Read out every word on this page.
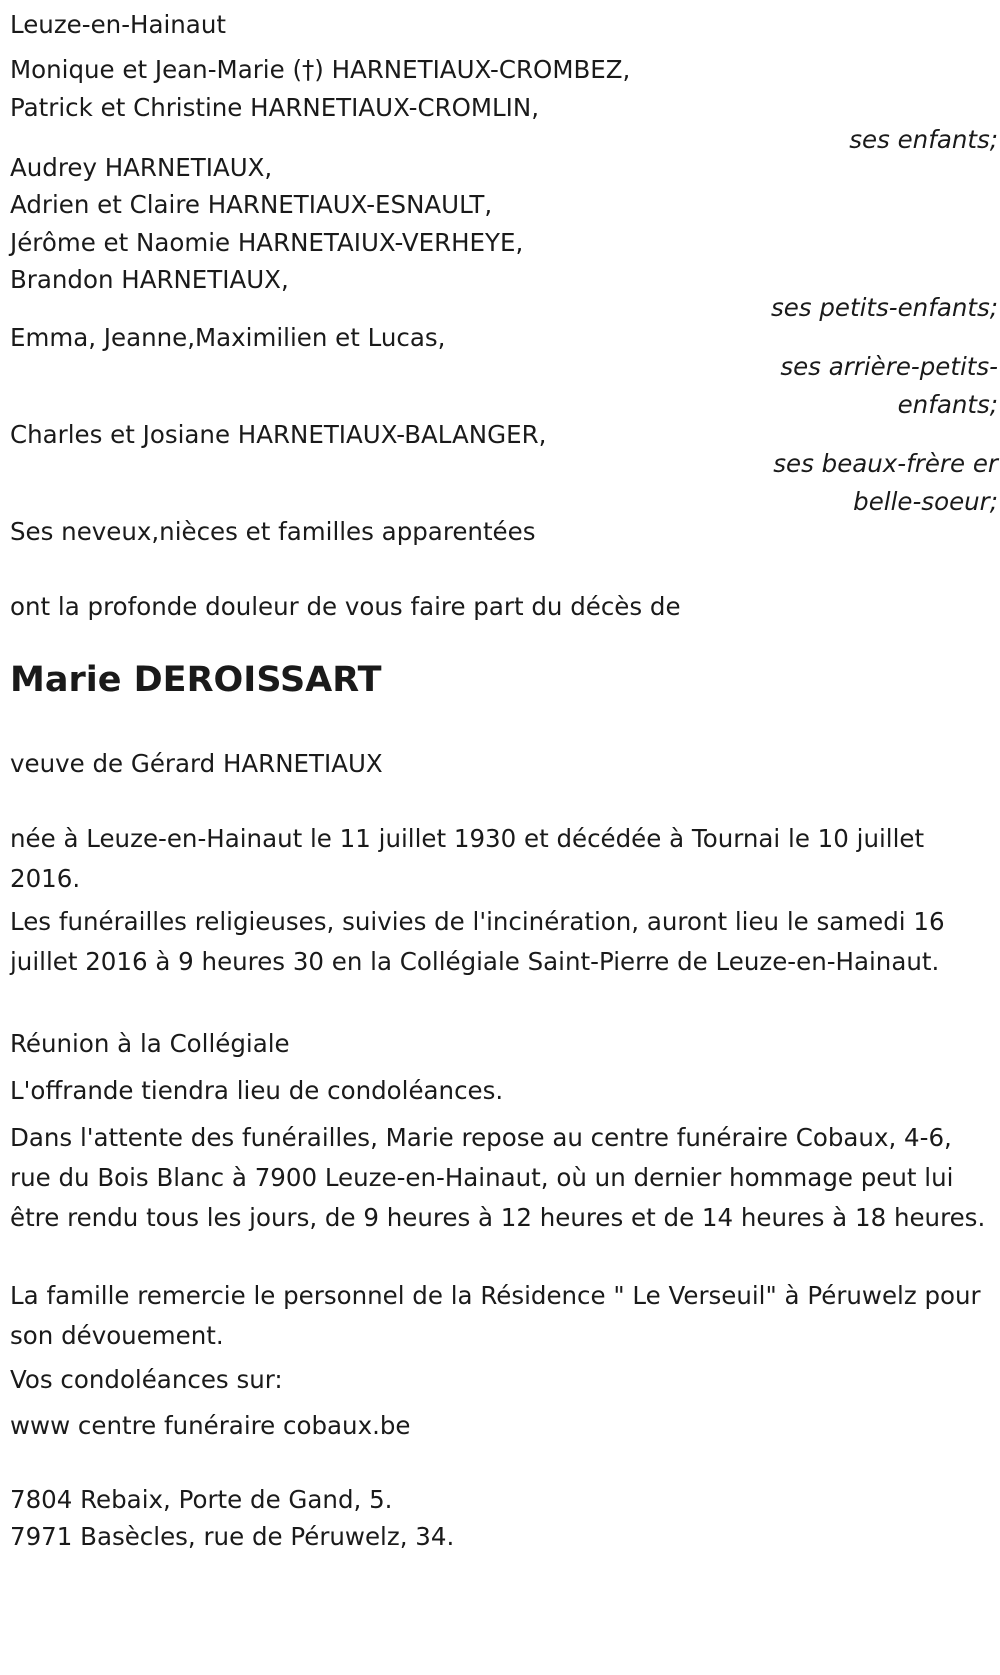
Leuze-en-Hainaut
Monique et Jean-Marie (†) HARNETIAUX-CROMBEZ,
Patrick et Christine HARNETIAUX-CROMLIN,
ses enfants;
Audrey HARNETIAUX,
Adrien et Claire HARNETIAUX-ESNAULT,
Jérôme et Naomie HARNETAIUX-VERHEYE,
Brandon HARNETIAUX,
ses petits-enfants;
Emma, Jeanne,Maximilien et Lucas,
ses arrière-petits-
enfants;
Charles et Josiane HARNETIAUX-BALANGER,
ses beaux-frère er
belle-soeur;
Ses neveux,nièces et familles apparentées
ont la profonde douleur de vous faire part du décès de
Marie DEROISSART
veuve de Gérard HARNETIAUX
née à Leuze-en-Hainaut le 11 juillet 1930 et décédée à Tournai le 10 juillet 2016.
Les funérailles religieuses, suivies de l'incinération, auront lieu le samedi 16 juillet 2016 à 9 heures 30 en la Collégiale Saint-Pierre de Leuze-en-Hainaut.
Réunion à la Collégiale
L'offrande tiendra lieu de condoléances.
Dans l'attente des funérailles, Marie repose au centre funéraire Cobaux, 4-6, rue du Bois Blanc à 7900 Leuze-en-Hainaut, où un dernier hommage peut lui être rendu tous les jours, de 9 heures à 12 heures et de 14 heures à 18 heures.
La famille remercie le personnel de la Résidence " Le Verseuil" à Péruwelz pour son dévouement.
Vos condoléances sur:
www centre funéraire cobaux.be
7804 Rebaix, Porte de Gand, 5.
7971 Basècles, rue de Péruwelz, 34.
